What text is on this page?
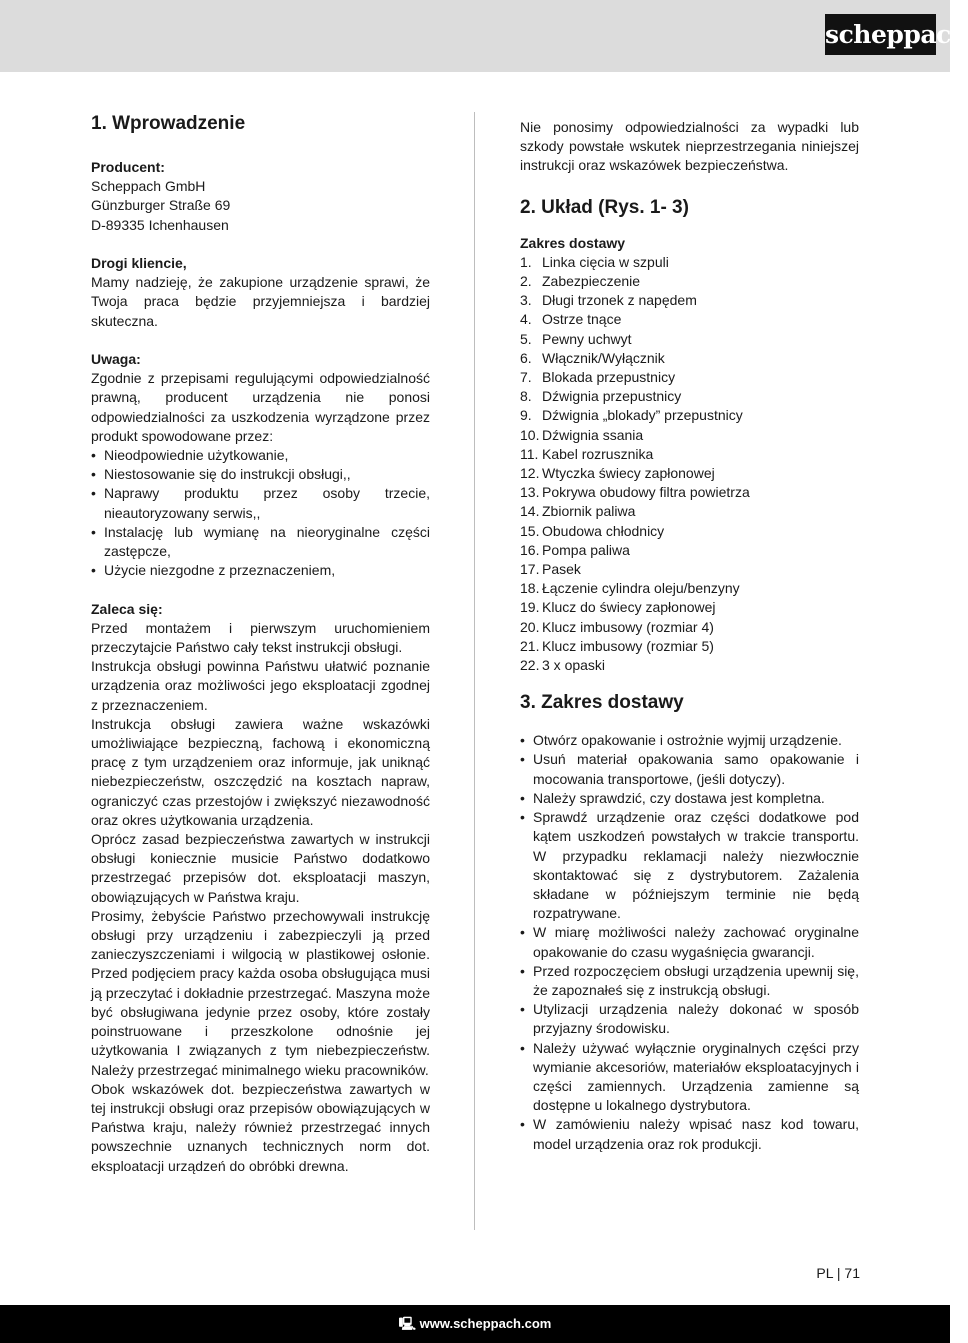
scheppach

1. Wprowadzenie

Producent:

Scheppach GmbH

Günzburger Straße 69

D-89335 Ichenhausen

Drogi kliencie,

Mamy nadzieję, że zakupione urządzenie sprawi, że Twoja praca będzie przyjemniejsza i bardziej skuteczna.

Uwaga:

Zgodnie z przepisami regulującymi odpowiedzialność prawną, producent urządzenia nie ponosi odpowiedzialności za uszkodzenia wyrządzone przez produkt spowodowane przez:

• Nieodpowiednie użytkowanie,
• Niestosowanie się do instrukcji obsługi,,
• Naprawy produktu przez osoby trzecie, nieautoryzowany serwis,,
• Instalację lub wymianę na nieoryginalne części zastępcze,
• Użycie niezgodne z przeznaczeniem,

Zaleca się:

Przed montażem i pierwszym uruchomieniem przeczytajcie Państwo cały tekst instrukcji obsługi.

Instrukcja obsługi powinna Państwu ułatwić poznanie urządzenia oraz możliwości jego eksploatacji zgodnej z przeznaczeniem.

Instrukcja obsługi zawiera ważne wskazówki umożliwiające bezpieczną, fachową i ekonomiczną pracę z tym urządzeniem oraz informuje, jak uniknąć niebezpieczeństw, oszczędzić na kosztach napraw, ograniczyć czas przestojów i zwiększyć niezawodność oraz okres użytkowania urządzenia.

Oprócz zasad bezpieczeństwa zawartych w instrukcji obsługi koniecznie musicie Państwo dodatkowo przestrzegać przepisów dot. eksploatacji maszyn, obowiązujących w Państwa kraju.

Prosimy, żebyście Państwo przechowywali instrukcję obsługi przy urządzeniu i zabezpieczyli ją przed zanieczyszczeniami i wilgocią w plastikowej osłonie. Przed podjęciem pracy każda osoba obsługująca musi ją przeczytać i dokładnie przestrzegać. Maszyna może być obsługiwana jedynie przez osoby, które zostały poinstruowane i przeszkolone odnośnie jej użytkowania I związanych z tym niebezpieczeństw. Należy przestrzegać minimalnego wieku pracowników.

Obok wskazówek dot. bezpieczeństwa zawartych w tej instrukcji obsługi oraz przepisów obowiązujących w Państwa kraju, należy również przestrzegać innych powszechnie uznanych technicznych norm dot. eksploatacji urządzeń do obróbki drewna.

Nie ponosimy odpowiedzialności za wypadki lub szkody powstałe wskutek nieprzestrzegania niniejszej instrukcji oraz wskazówek bezpieczeństwa.

2. Układ (Rys. 1- 3)

Zakres dostawy

1. Linka cięcia w szpuli
2. Zabezpieczenie
3. Długi trzonek z napędem
4. Ostrze tnące
5. Pewny uchwyt
6. Włącznik/Wyłącznik
7. Blokada przepustnicy
8. Dźwignia przepustnicy
9. Dźwignia „blokady” przepustnicy
10. Dźwignia ssania
11. Kabel rozrusznika
12. Wtyczka świecy zapłonowej
13. Pokrywa obudowy filtra powietrza
14. Zbiornik paliwa
15. Obudowa chłodnicy
16. Pompa paliwa
17. Pasek
18. Łączenie cylindra oleju/benzyny
19. Klucz do świecy zapłonowej
20. Klucz imbusowy (rozmiar 4)
21. Klucz imbusowy (rozmiar 5)
22. 3 x opaski

3. Zakres dostawy

• Otwórz opakowanie i ostrożnie wyjmij urządzenie.
• Usuń materiał opakowania samo opakowanie i mocowania transportowe, (jeśli dotyczy).
• Należy sprawdzić, czy dostawa jest kompletna.
• Sprawdź urządzenie oraz części dodatkowe pod kątem uszkodzeń powstałych w trakcie transportu. W przypadku reklamacji należy niezwłocznie skontaktować się z dystrybutorem. Zażalenia składane w późniejszym terminie nie będą rozpatrywane.
• W miarę możliwości należy zachować oryginalne opakowanie do czasu wygaśnięcia gwarancji.
• Przed rozpoczęciem obsługi urządzenia upewnij się, że zapoznałeś się z instrukcją obsługi.
• Utylizacji urządzenia należy dokonać w sposób przyjazny środowisku.
• Należy używać wyłącznie oryginalnych części przy wymianie akcesoriów, materiałów eksploatacyjnych i części zamiennych. Urządzenia zamienne są dostępne u lokalnego dystrybutora.
• W zamówieniu należy wpisać nasz kod towaru, model urządzenia oraz rok produkcji.
PL | 71
🖳 www.scheppach.com
